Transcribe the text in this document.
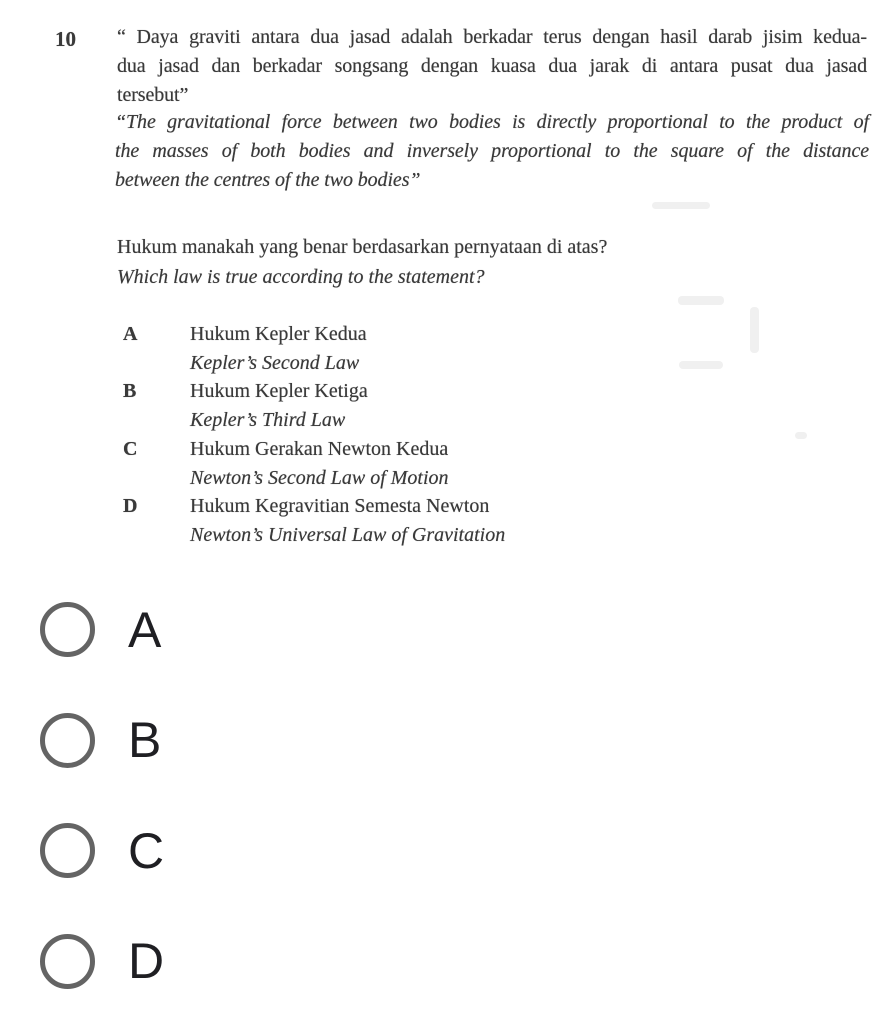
10 “ Daya graviti antara dua jasad adalah berkadar terus dengan hasil darab jisim kedua-
dua jasad dan berkadar songsang dengan kuasa dua jarak di antara pusat dua jasad
tersebut”
“The gravitational force between two bodies is directly proportional to the product of
the masses of both bodies and inversely proportional to the square of the distance
between the centres of the two bodies”
Hukum manakah yang benar berdasarkan pernyataan di atas?
Which law is true according to the statement?
A	Hukum Kepler Kedua
Kepler’s Second Law
B	Hukum Kepler Ketiga
Kepler’s Third Law
C	Hukum Gerakan Newton Kedua
Newton’s Second Law of Motion
D	Hukum Kegravitian Semesta Newton
Newton’s Universal Law of Gravitation
A
B
C
D
